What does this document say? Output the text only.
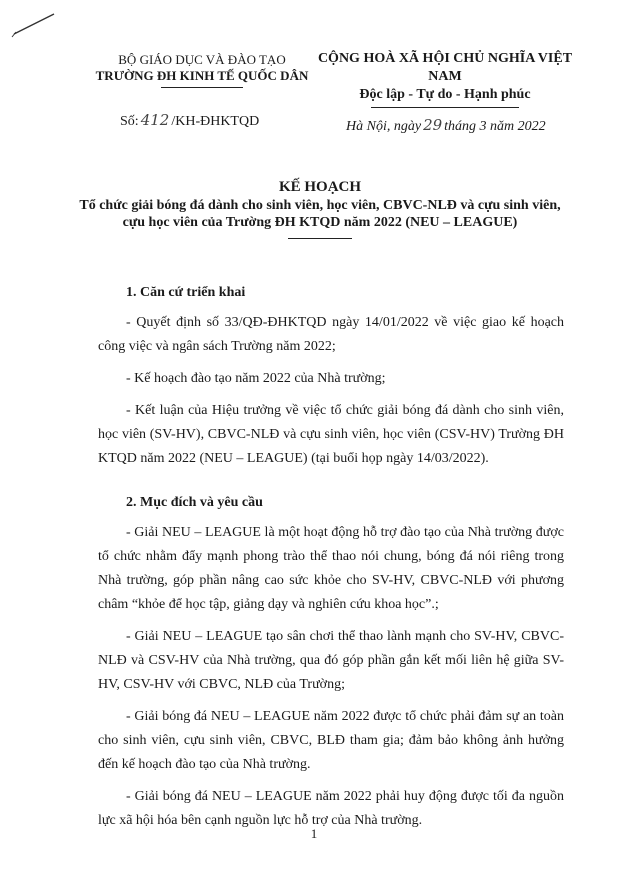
BỘ GIÁO DỤC VÀ ĐÀO TẠO
TRƯỜNG ĐH KINH TẾ QUỐC DÂN
Số: 412 /KH-ĐHKTQD
CỘNG HOÀ XÃ HỘI CHỦ NGHĨA VIỆT NAM
Độc lập - Tự do - Hạnh phúc
Hà Nội, ngày 29 tháng 3 năm 2022
KẾ HOẠCH
Tổ chức giải bóng đá dành cho sinh viên, học viên, CBVC-NLĐ và cựu sinh viên, cựu học viên của Trường ĐH KTQD năm 2022 (NEU – LEAGUE)
1. Căn cứ triển khai

- Quyết định số 33/QĐ-ĐHKTQD ngày 14/01/2022 về việc giao kế hoạch công việc và ngân sách Trường năm 2022;

- Kế hoạch đào tạo năm 2022 của Nhà trường;

- Kết luận của Hiệu trưởng về việc tổ chức giải bóng đá dành cho sinh viên, học viên (SV-HV), CBVC-NLĐ và cựu sinh viên, học viên (CSV-HV) Trường ĐH KTQD năm 2022 (NEU – LEAGUE) (tại buổi họp ngày 14/03/2022).

2. Mục đích và yêu cầu

- Giải NEU – LEAGUE là một hoạt động hỗ trợ đào tạo của Nhà trường được tổ chức nhằm đẩy mạnh phong trào thể thao nói chung, bóng đá nói riêng trong Nhà trường, góp phần nâng cao sức khỏe cho SV-HV, CBVC-NLĐ với phương châm “khỏe để học tập, giảng dạy và nghiên cứu khoa học”.;

- Giải NEU – LEAGUE tạo sân chơi thể thao lành mạnh cho SV-HV, CBVC-NLĐ và CSV-HV của Nhà trường, qua đó góp phần gắn kết mối liên hệ giữa SV-HV, CSV-HV với CBVC, NLĐ của Trường;

- Giải bóng đá NEU – LEAGUE năm 2022 được tổ chức phải đảm sự an toàn cho sinh viên, cựu sinh viên, CBVC, BLĐ tham gia; đảm bảo không ảnh hưởng đến kế hoạch đào tạo của Nhà trường.

- Giải bóng đá NEU – LEAGUE năm 2022 phải huy động được tối đa nguồn lực xã hội hóa bên cạnh nguồn lực hỗ trợ của Nhà trường.

1
